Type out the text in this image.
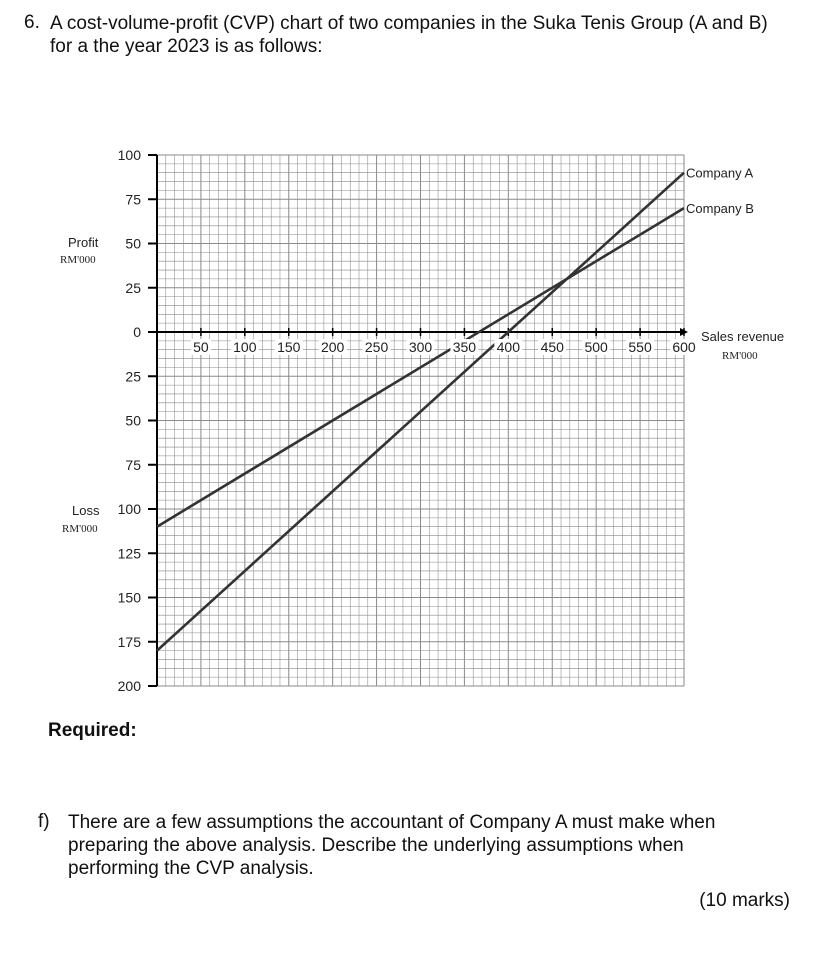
6. A cost-volume-profit (CVP) chart of two companies in the Suka Tenis Group (A and B) for a the year 2023 is as follows:
100
75
50
25
0
25
50
75
100
125
150
175
200
50 100 150 200 250 300 350 400 450 500 550 600
Company A
Company B
Sales revenue
RM'000
Profit
RM'000
Loss
RM'000
Required:
f) There are a few assumptions the accountant of Company A must make when preparing the above analysis. Describe the underlying assumptions when performing the CVP analysis.
(10 marks)
